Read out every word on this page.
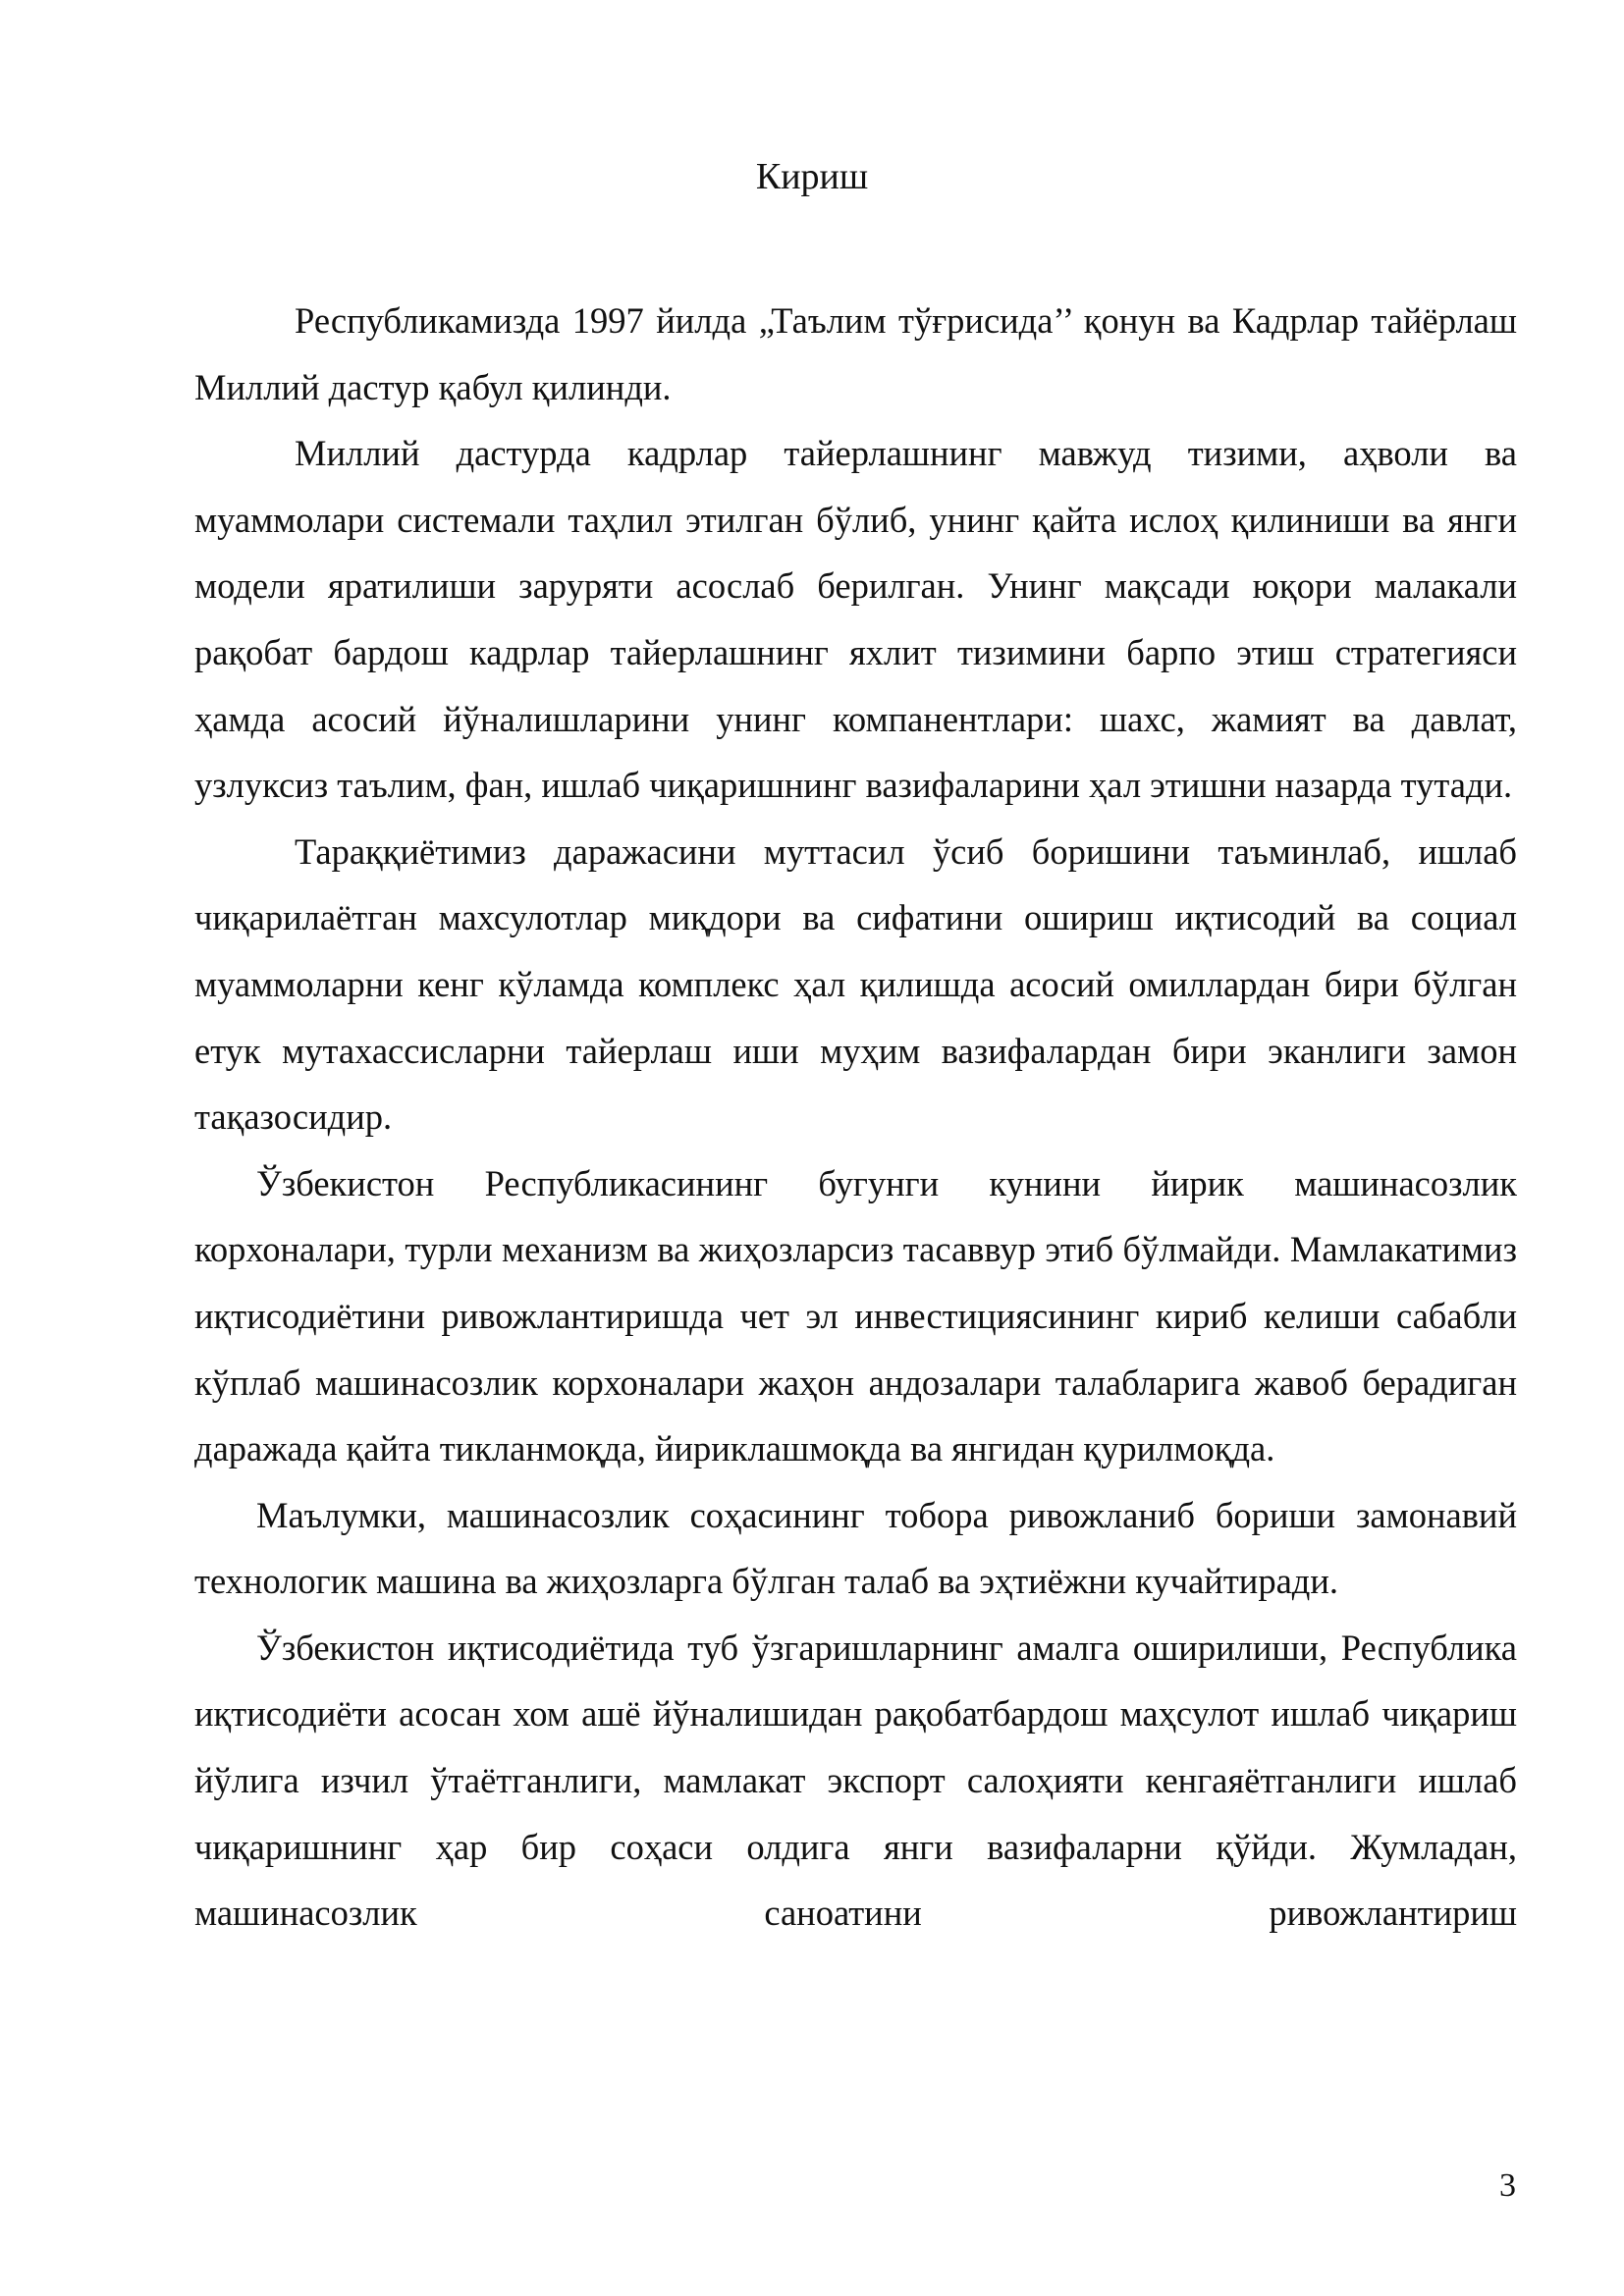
Кириш

Республикамизда 1997 йилда „Таълим тўғрисида’’ қонун ва Кадрлар тайёрлаш Миллий дастур қабул қилинди.

Миллий дастурда кадрлар тайерлашнинг мавжуд тизими, аҳволи ва муаммолари системали таҳлил этилган бўлиб, унинг қайта ислоҳ қилиниши ва янги модели яратилиши заруряти асослаб берилган. Унинг мақсади юқори малакали рақобат бардош кадрлар тайерлашнинг яхлит тизимини барпо этиш стратегияси ҳамда асосий йўналишларини унинг компанентлари: шахс, жамият ва давлат, узлуксиз таълим, фан, ишлаб чиқаришнинг вазифаларини ҳал этишни назарда тутади.

Тараққиётимиз даражасини муттасил ўсиб боришини таъминлаб, ишлаб чиқарилаётган махсулотлар миқдори ва сифатини ошириш иқтисодий ва социал муаммоларни кенг кўламда комплекс ҳал қилишда асосий омиллардан бири бўлган етук мутахассисларни тайерлаш иши муҳим вазифалардан бири эканлиги замон тақазосидир.

Ўзбекистон Республикасининг бугунги кунини йирик машинасозлик корхоналари, турли механизм ва жиҳозларсиз тасаввур этиб бўлмайди. Мамлакатимиз иқтисодиётини ривожлантиришда чет эл инвестициясининг кириб келиши сабабли кўплаб машинасозлик корхоналари жаҳон андозалари талабларига жавоб берадиган даражада қайта тикланмоқда, йириклашмоқда ва янгидан қурилмоқда.

Маълумки, машинасозлик соҳасининг тобора ривожланиб бориши замонавий технологик машина ва жиҳозларга бўлган талаб ва эҳтиёжни кучайтиради.

Ўзбекистон иқтисодиётида туб ўзгаришларнинг амалга оширилиши, Республика иқтисодиёти асосан хом ашё йўналишидан рақобатбардош маҳсулот ишлаб чиқариш йўлига изчил ўтаётганлиги, мамлакат экспорт салоҳияти кенгаяётганлиги ишлаб чиқаришнинг ҳар бир соҳаси олдига янги вазифаларни қўйди. Жумладан, машинасозлик саноатини ривожлантириш

3
